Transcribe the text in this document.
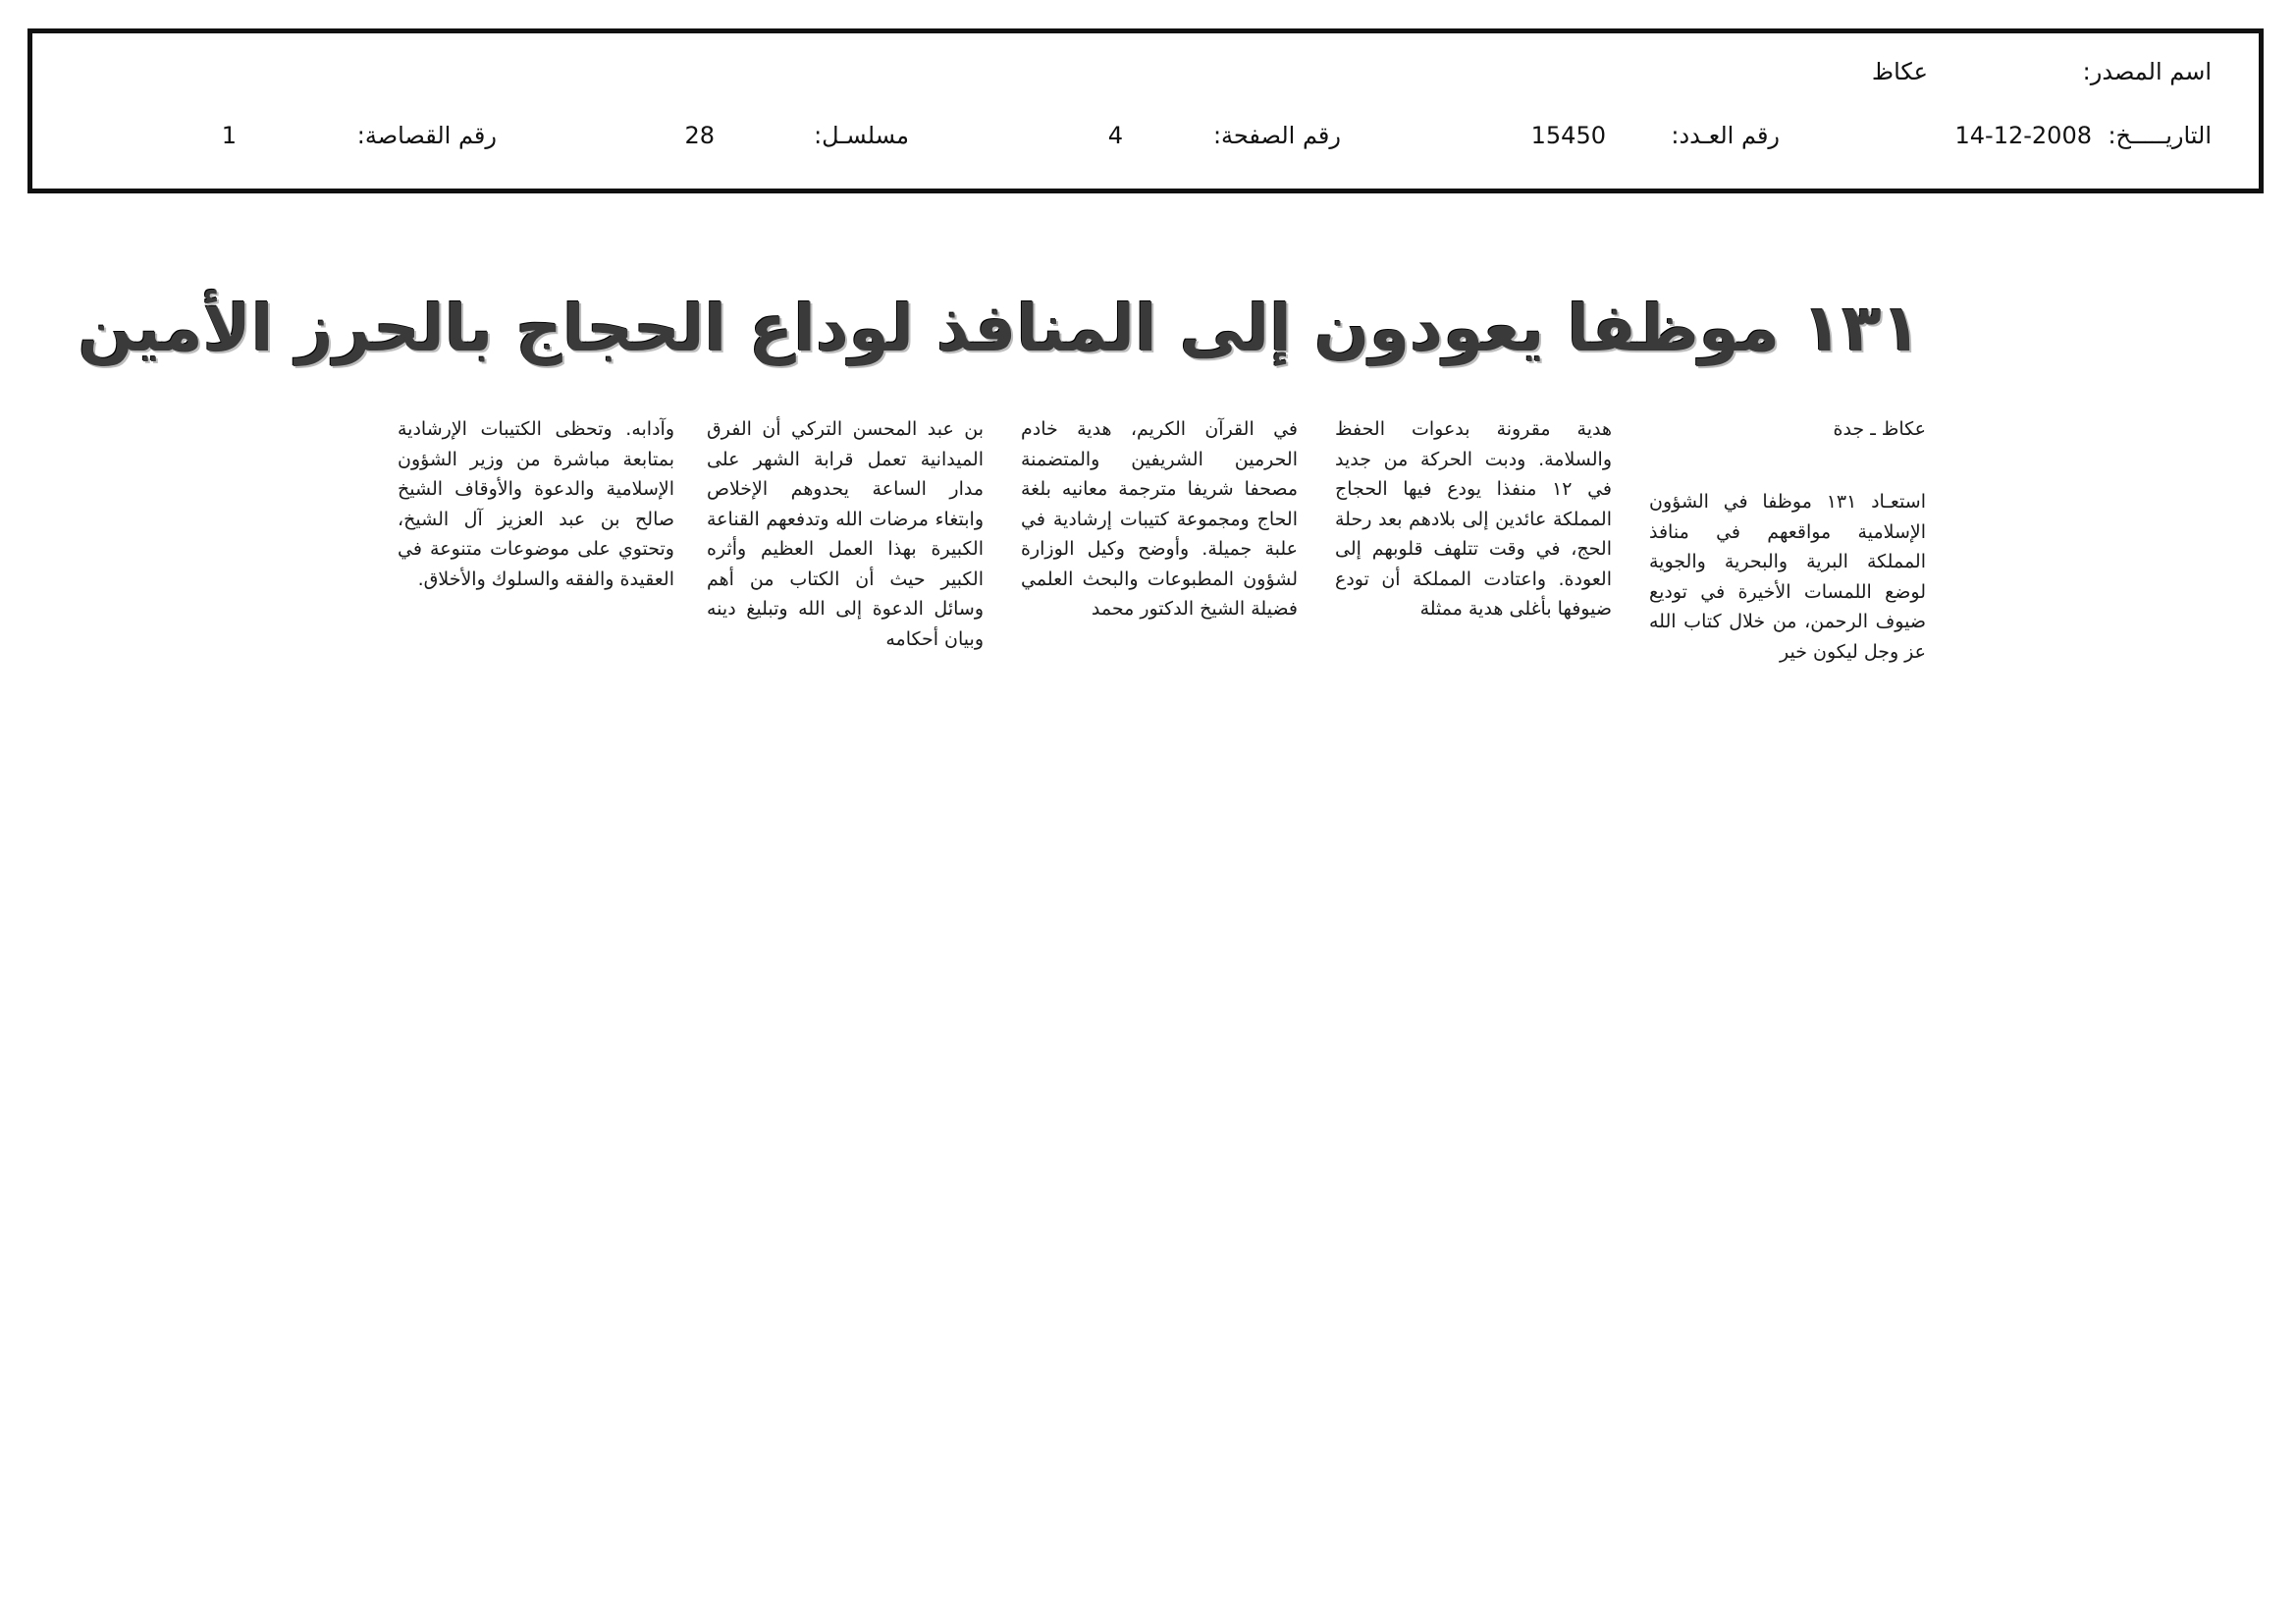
اسم المصدر:
عكاظ
التاريـــــخ:
14-12-2008
رقم العـدد:
15450
رقم الصفحة:
4
مسلسـل:
28
رقم القصاصة:
1
١٣١ موظفا يعودون إلى المنافذ لوداع الحجاج بالحرز الأمين

عكاظ ـ جدة

استعـاد ١٣١ موظفا في الشؤون الإسلامية مواقعهم في منافذ المملكة البرية والبحرية والجوية لوضع اللمسات الأخيرة في توديع ضيوف الرحمن، من خلال كتاب الله عز وجل ليكون خير

هدية مقرونة بدعوات الحفظ والسلامة. ودبت الحركة من جديد في ١٢ منفذا يودع فيها الحجاج المملكة عائدين إلى بلادهم بعد رحلة الحج، في وقت تتلهف قلوبهم إلى العودة. واعتادت المملكة أن تودع ضيوفها بأغلى هدية ممثلة

في القرآن الكريم، هدية خادم الحرمين الشريفين والمتضمنة مصحفا شريفا مترجمة معانيه بلغة الحاج ومجموعة كتيبات إرشادية في علبة جميلة. وأوضح وكيل الوزارة لشؤون المطبوعات والبحث العلمي فضيلة الشيخ الدكتور محمد

بن عبد المحسن التركي أن الفرق الميدانية تعمل قرابة الشهر على مدار الساعة يحدوهم الإخلاص وابتغاء مرضات الله وتدفعهم القناعة الكبيرة بهذا العمل العظيم وأثره الكبير حيث أن الكتاب من أهم وسائل الدعوة إلى الله وتبليغ دينه وبيان أحكامه

وآدابه. وتحظى الكتيبات الإرشادية بمتابعة مباشرة من وزير الشؤون الإسلامية والدعوة والأوقاف الشيخ صالح بن عبد العزيز آل الشيخ، وتحتوي على موضوعات متنوعة في العقيدة والفقه والسلوك والأخلاق.
